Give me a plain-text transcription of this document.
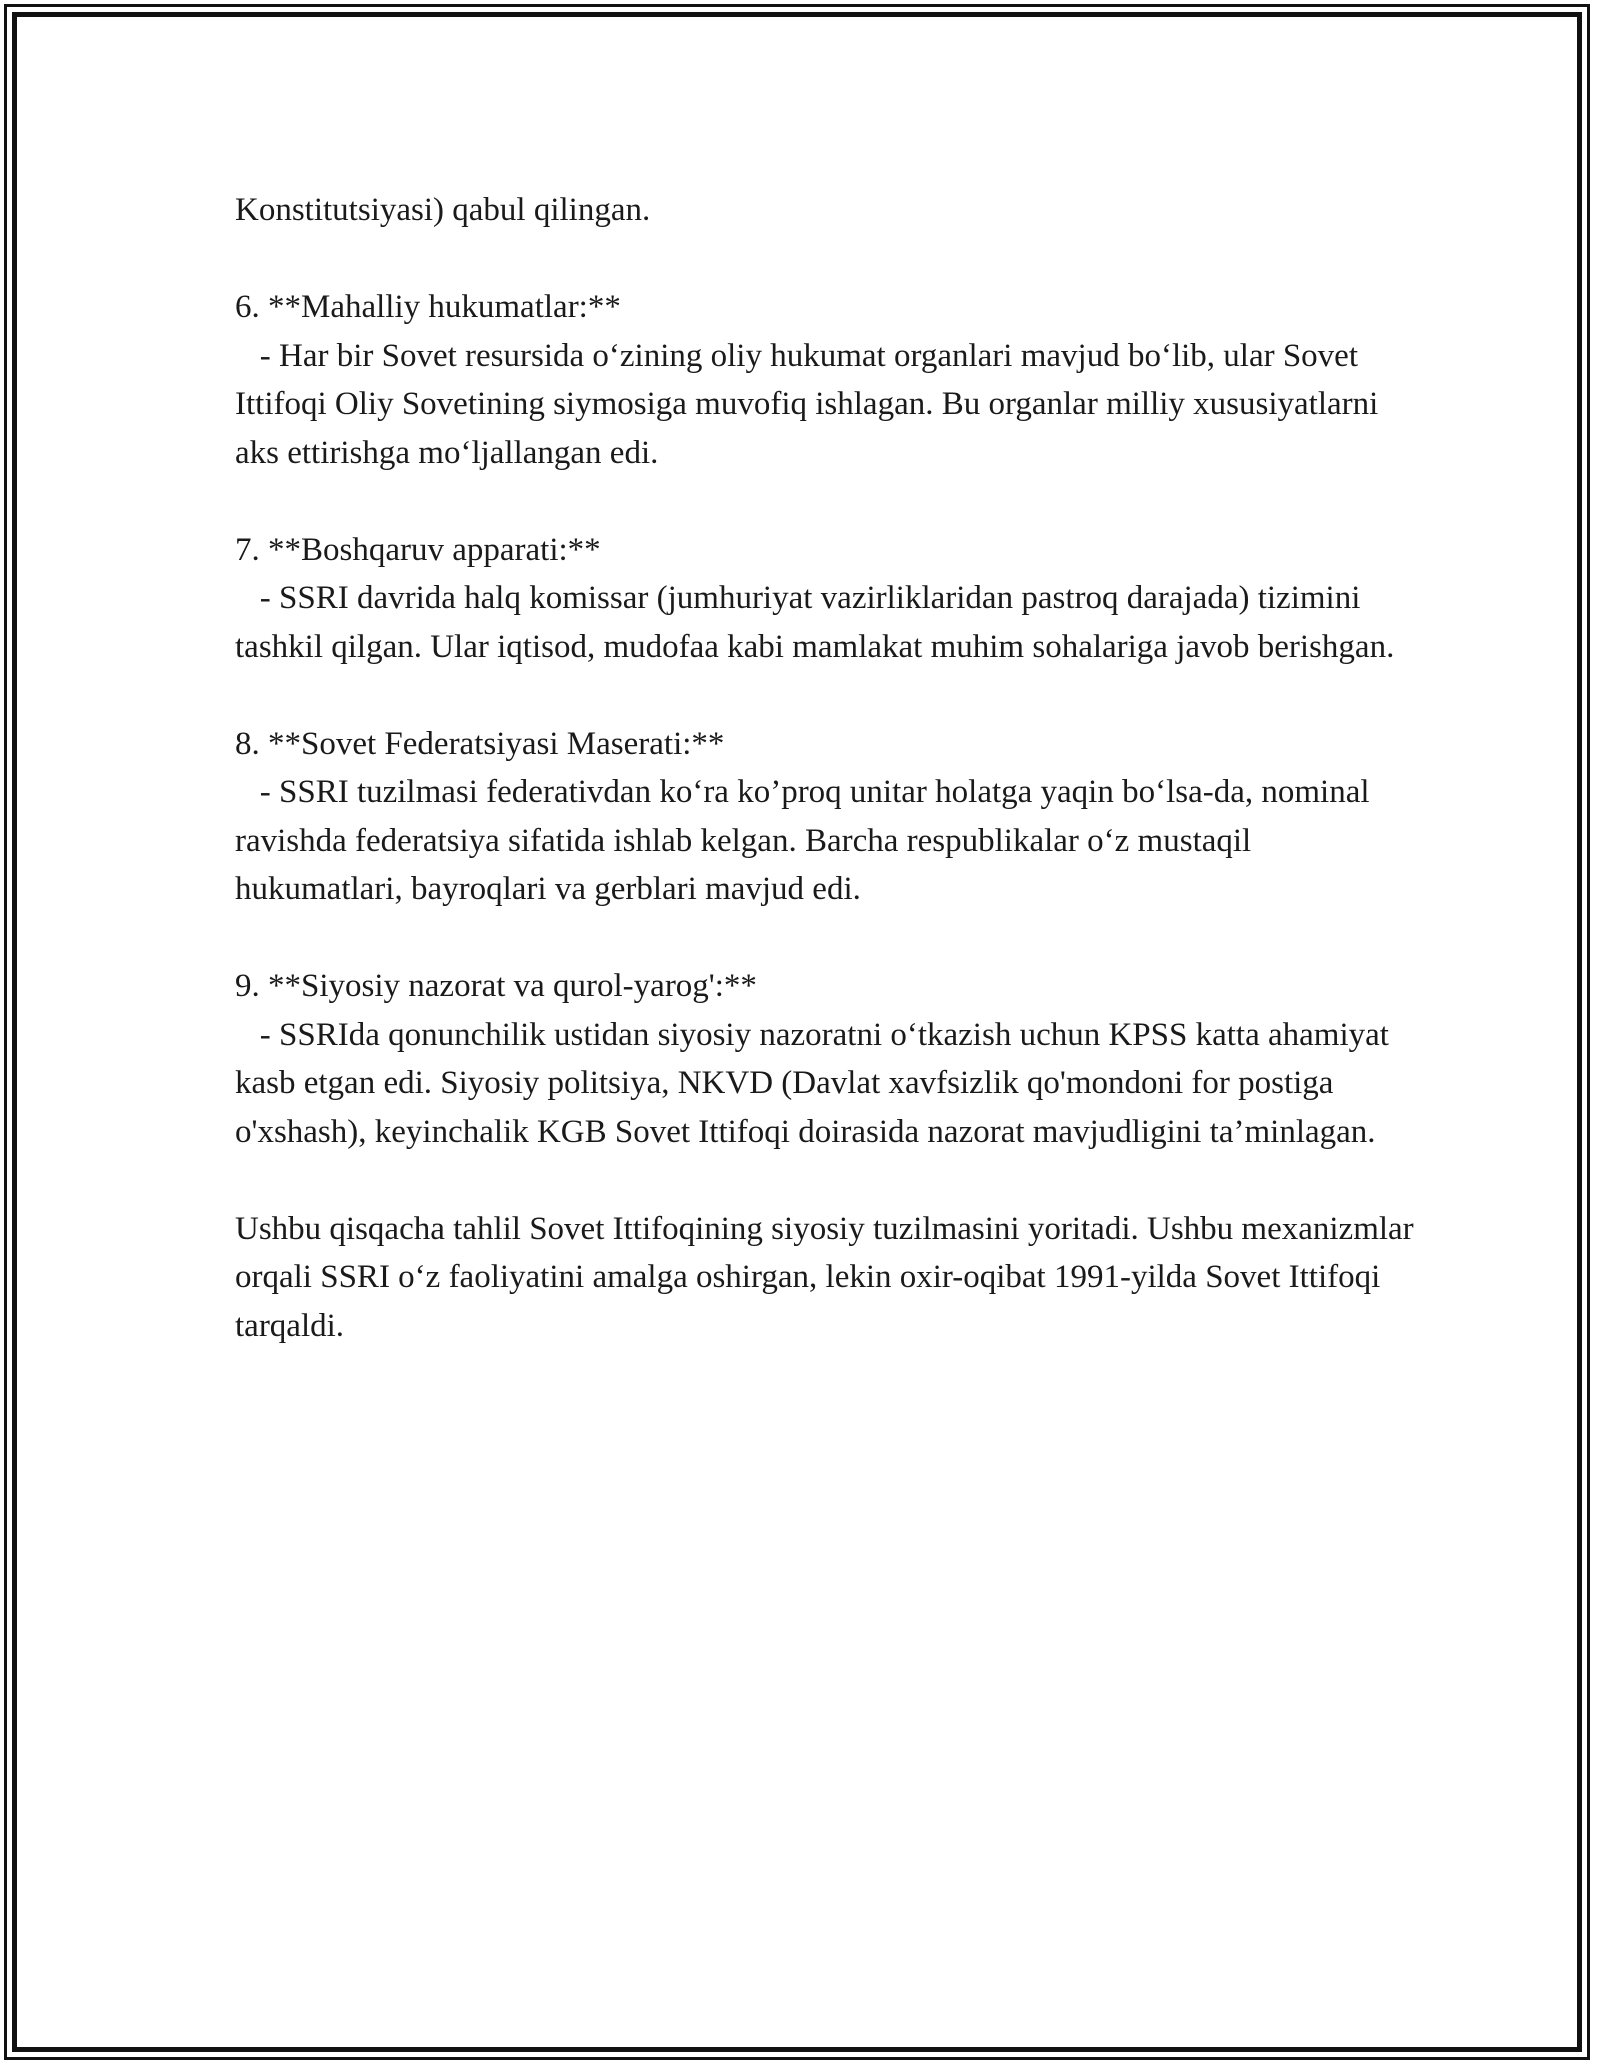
Konstitutsiyasi) qabul qilingan.

6. **Mahalliy hukumatlar:**

- Har bir Sovet resursida o‘zining oliy hukumat organlari mavjud bo‘lib, ular Sovet Ittifoqi Oliy Sovetining siymosiga muvofiq ishlagan. Bu organlar milliy xususiyatlarni aks ettirishga mo‘ljallangan edi.

7. **Boshqaruv apparati:**

- SSRI davrida halq komissar (jumhuriyat vazirliklaridan pastroq darajada) tizimini tashkil qilgan. Ular iqtisod, mudofaa kabi mamlakat muhim sohalariga javob berishgan.

8. **Sovet Federatsiyasi Maserati:**

- SSRI tuzilmasi federativdan ko‘ra ko’proq unitar holatga yaqin bo‘lsa-da, nominal ravishda federatsiya sifatida ishlab kelgan. Barcha respublikalar o‘z mustaqil hukumatlari, bayroqlari va gerblari mavjud edi.

9. **Siyosiy nazorat va qurol-yarog':**

- SSRIda qonunchilik ustidan siyosiy nazoratni o‘tkazish uchun KPSS katta ahamiyat kasb etgan edi. Siyosiy politsiya, NKVD (Davlat xavfsizlik qo'mondoni for postiga o'xshash), keyinchalik KGB Sovet Ittifoqi doirasida nazorat mavjudligini ta’minlagan.

Ushbu qisqacha tahlil Sovet Ittifoqining siyosiy tuzilmasini yoritadi. Ushbu mexanizmlar orqali SSRI o‘z faoliyatini amalga oshirgan, lekin oxir-oqibat 1991-yilda Sovet Ittifoqi tarqaldi.
